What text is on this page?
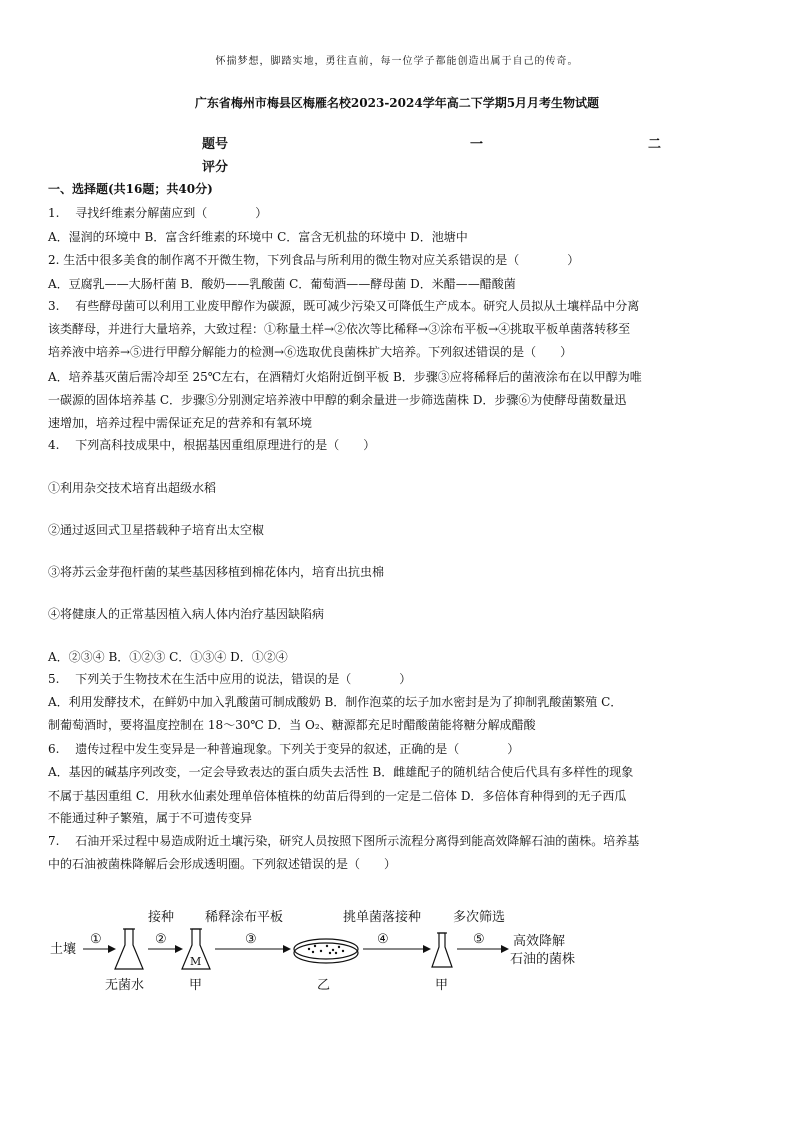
怀揣梦想，脚踏实地，勇往直前，每一位学子都能创造出属于自己的传奇。
广东省梅州市梅县区梅雁名校2023-2024学年高二下学期5月月考生物试题
题号
评分
一	二
一、选择题(共16题；共40分)
1.　 寻找纤维素分解菌应到（　　　　）
A．湿润的环境中 B．富含纤维素的环境中 C．富含无机盐的环境中 D．池塘中
2. 生活中很多美食的制作离不开微生物，下列食品与所利用的微生物对应关系错误的是（　　　　）
A．豆腐乳——大肠杆菌 B．酸奶——乳酸菌 C．葡萄酒——酵母菌 D．米醋——醋酸菌
3.　 有些酵母菌可以利用工业废甲醇作为碳源，既可减少污染又可降低生产成本。研究人员拟从土壤样品中分离
该类酵母，并进行大量培养，大致过程：①称量土样→②依次等比稀释→③涂布平板→④挑取平板单菌落转移至
培养液中培养→⑤进行甲醇分解能力的检测→⑥选取优良菌株扩大培养。下列叙述错误的是（　　）
A．培养基灭菌后需冷却至 25℃左右，在酒精灯火焰附近倒平板 B．步骤③应将稀释后的菌液涂布在以甲醇为唯
一碳源的固体培养基 C．步骤⑤分别测定培养液中甲醇的剩余量进一步筛选菌株 D．步骤⑥为使酵母菌数量迅
速增加，培养过程中需保证充足的营养和有氧环境
4.　 下列高科技成果中，根据基因重组原理进行的是（　　）
①利用杂交技术培育出超级水稻
②通过返回式卫星搭载种子培育出太空椒
③将苏云金芽孢杆菌的某些基因移植到棉花体内，培育出抗虫棉
④将健康人的正常基因植入病人体内治疗基因缺陷病
A．②③④ B．①②③ C．①③④ D．①②④
5.　 下列关于生物技术在生活中应用的说法，错误的是（　　　　）
A．利用发酵技术，在鲜奶中加入乳酸菌可制成酸奶 B．制作泡菜的坛子加水密封是为了抑制乳酸菌繁殖 C．
制葡萄酒时，要将温度控制在 18～30℃ D．当 O₂、糖源都充足时醋酸菌能将糖分解成醋酸
6.　 遗传过程中发生变异是一种普遍现象。下列关于变异的叙述，正确的是（　　　　）
A．基因的碱基序列改变，一定会导致表达的蛋白质失去活性 B．雌雄配子的随机结合使后代具有多样性的现象
不属于基因重组 C．用秋水仙素处理单倍体植株的幼苗后得到的一定是二倍体 D．多倍体育种得到的无子西瓜
不能通过种子繁殖，属于不可遗传变异
7.　 石油开采过程中易造成附近土壤污染，研究人员按照下图所示流程分离得到能高效降解石油的菌株。培养基
中的石油被菌株降解后会形成透明圈。下列叙述错误的是（　　）
土壤
①
无菌水
接种
②
M
甲
稀释涂布平板
③
乙
挑单菌落接种
④
甲
多次筛选
⑤ 高效降解
石油的菌株
